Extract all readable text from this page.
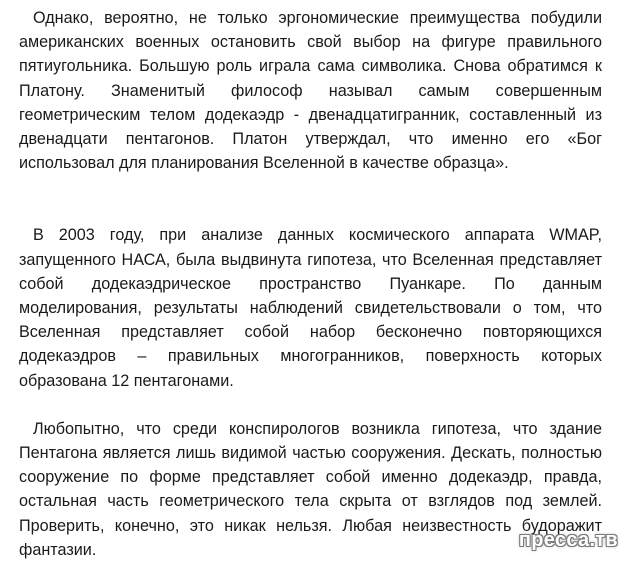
Однако, вероятно, не только эргономические преимущества побудили американских военных остановить свой выбор на фигуре правильного пятиугольника. Большую роль играла сама символика. Снова обратимся к Платону. Знаменитый философ называл самым совершенным геометрическим телом додекаэдр - двенадцатигранник, составленный из двенадцати пентагонов. Платон утверждал, что именно его «Бог использовал для планирования Вселенной в качестве образца».

В 2003 году, при анализе данных космического аппарата WMAP, запущенного НАСА, была выдвинута гипотеза, что Вселенная представляет собой додекаэдрическое пространство Пуанкаре. По данным моделирования, результаты наблюдений свидетельствовали о том, что Вселенная представляет собой набор бесконечно повторяющихся додекаэдров – правильных многогранников, поверхность которых образована 12 пентагонами.

Любопытно, что среди конспирологов возникла гипотеза, что здание Пентагона является лишь видимой частью сооружения. Дескать, полностью сооружение по форме представляет собой именно додекаэдр, правда, остальная часть геометрического тела скрыта от взглядов под землей. Проверить, конечно, это никак нельзя. Любая неизвестность будоражит фантазии.	пресса.тв
